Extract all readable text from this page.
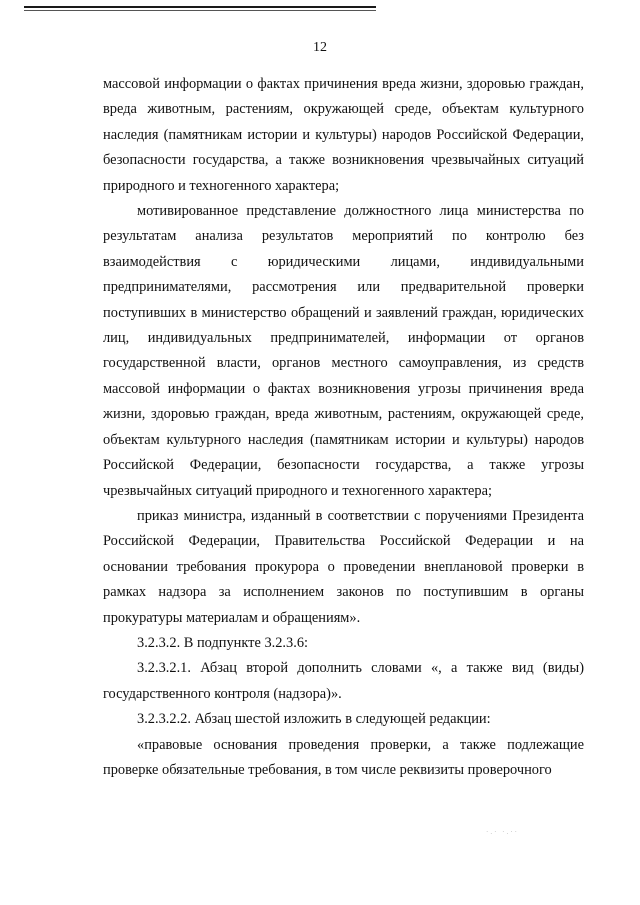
12

массовой информации о фактах причинения вреда жизни, здоровью граждан, вреда животным, растениям, окружающей среде, объектам культурного наследия (памятникам истории и культуры) народов Российской Федерации, безопасности государства, а также возникновения чрезвычайных ситуаций природного и техногенного характера;

мотивированное представление должностного лица министерства по результатам анализа результатов мероприятий по контролю без взаимодействия с юридическими лицами, индивидуальными предпринимателями, рассмотрения или предварительной проверки поступивших в министерство обращений и заявлений граждан, юридических лиц, индивидуальных предпринимателей, информации от органов государственной власти, органов местного самоуправления, из средств массовой информации о фактах возникновения угрозы причинения вреда жизни, здоровью граждан, вреда животным, растениям, окружающей среде, объектам культурного наследия (памятникам истории и культуры) народов Российской Федерации, безопасности государства, а также угрозы чрезвычайных ситуаций природного и техногенного характера;

приказ министра, изданный в соответствии с поручениями Президента Российской Федерации, Правительства Российской Федерации и на основании требования прокурора о проведении внеплановой проверки в рамках надзора за исполнением законов по поступившим в органы прокуратуры материалам и обращениям».

3.2.3.2. В подпункте 3.2.3.6:

3.2.3.2.1. Абзац второй дополнить словами «, а также вид (виды) государственного контроля (надзора)».

3.2.3.2.2. Абзац шестой изложить в следующей редакции:

«правовые основания проведения проверки, а также подлежащие проверке обязательные требования, в том числе реквизиты проверочного

·.· ·.··
